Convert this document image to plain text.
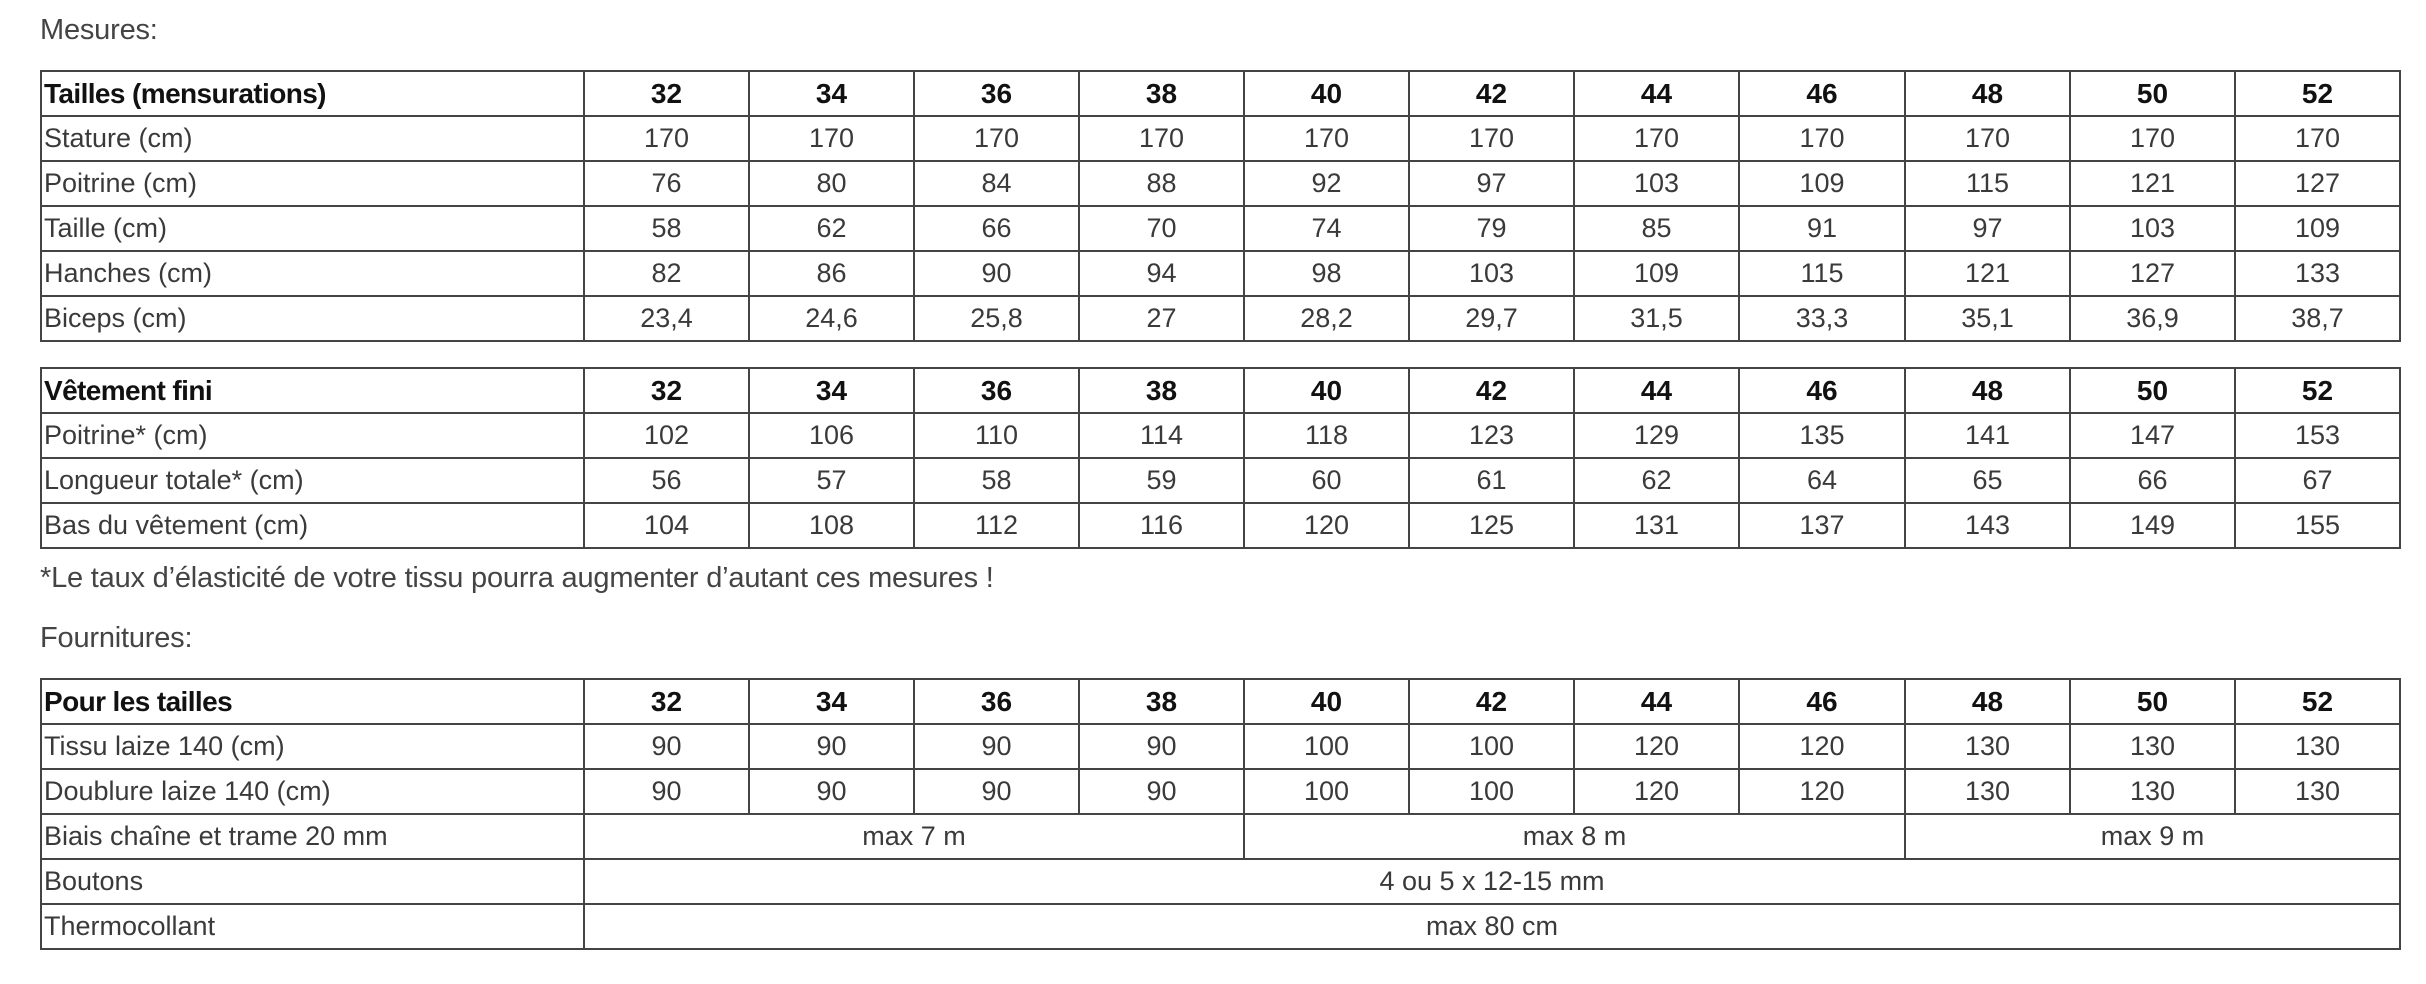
Mesures:
Tailles (mensurations)	32	34	36	38	40	42	44	46	48	50	52
Stature (cm)	170	170	170	170	170	170	170	170	170	170	170
Poitrine (cm)	76	80	84	88	92	97	103	109	115	121	127
Taille (cm)	58	62	66	70	74	79	85	91	97	103	109
Hanches (cm)	82	86	90	94	98	103	109	115	121	127	133
Biceps (cm)	23,4	24,6	25,8	27	28,2	29,7	31,5	33,3	35,1	36,9	38,7
Vêtement fini	32	34	36	38	40	42	44	46	48	50	52
Poitrine* (cm)	102	106	110	114	118	123	129	135	141	147	153
Longueur totale* (cm)	56	57	58	59	60	61	62	64	65	66	67
Bas du vêtement (cm)	104	108	112	116	120	125	131	137	143	149	155
*Le taux d’élasticité de votre tissu pourra augmenter d’autant ces mesures !
Fournitures:
Pour les tailles	32	34	36	38	40	42	44	46	48	50	52
Tissu laize 140 (cm)	90	90	90	90	100	100	120	120	130	130	130
Doublure laize 140 (cm)	90	90	90	90	100	100	120	120	130	130	130
Biais chaîne et trame 20 mm	max 7 m				max 8 m				max 9 m		
Boutons	4 ou 5 x 12-15 mm										
Thermocollant	max 80 cm										
